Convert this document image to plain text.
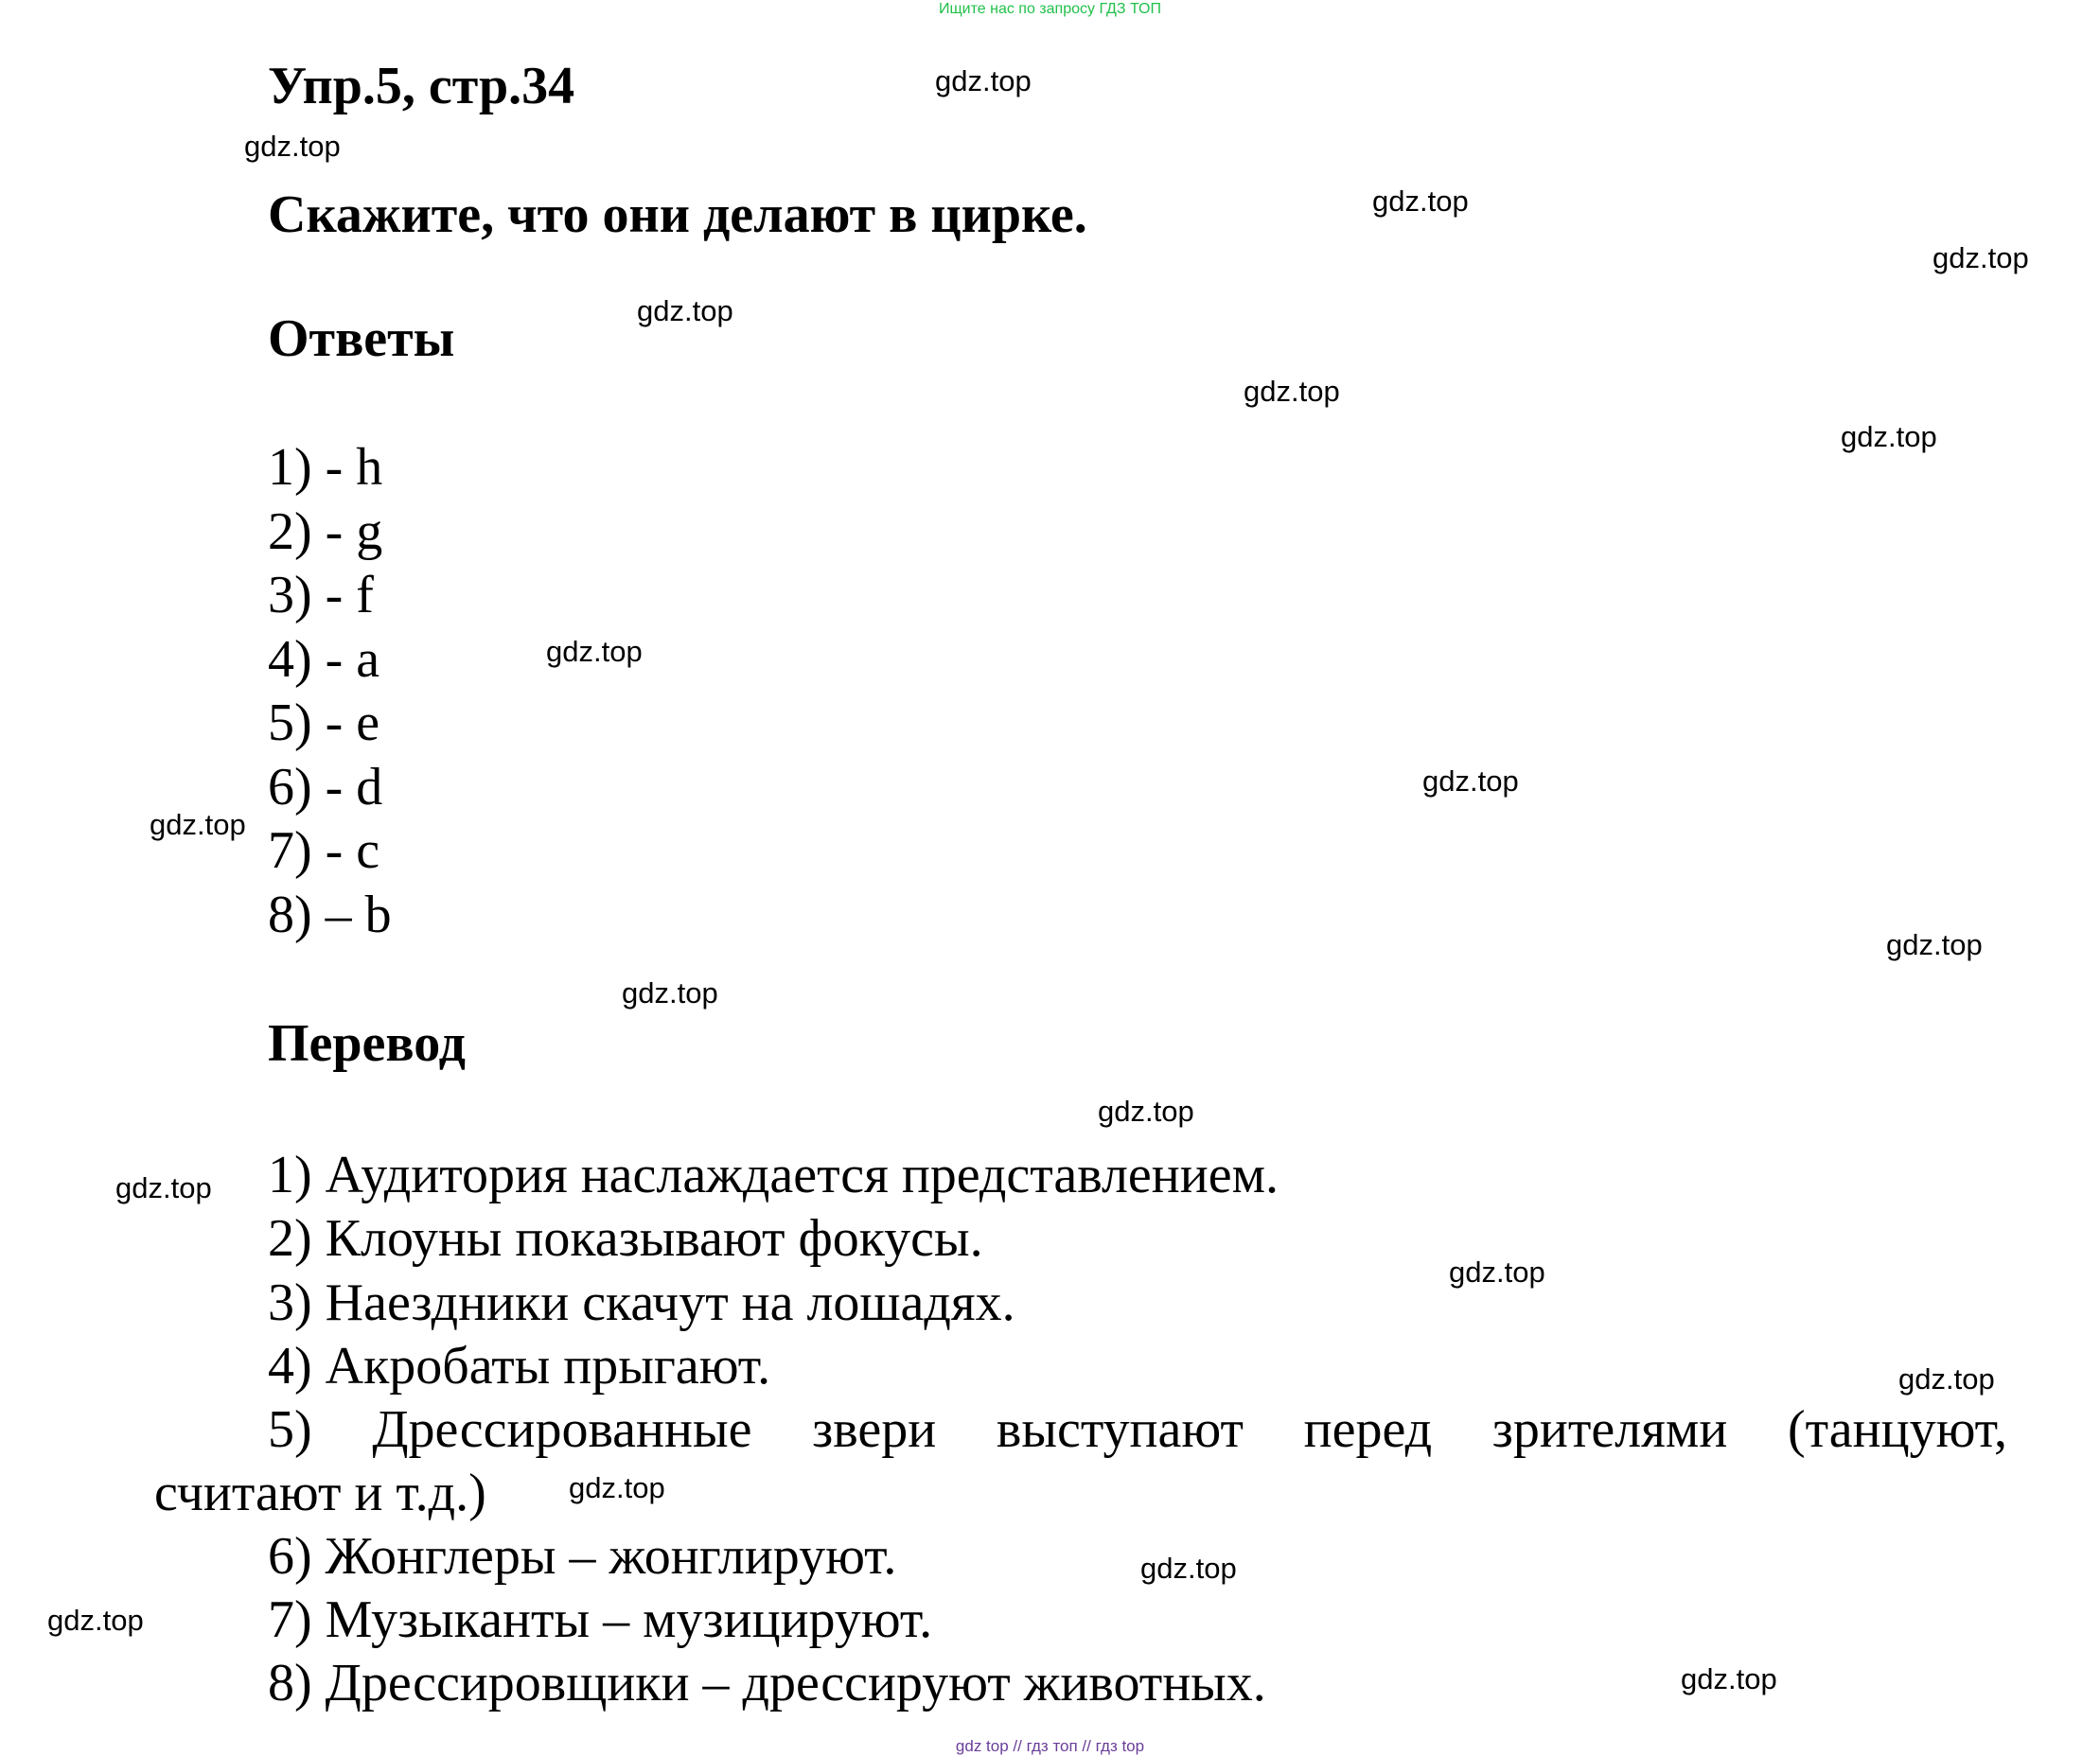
Ищите нас по запросу ГДЗ ТОП
Упр.5, стр.34
Скажите, что они делают в цирке.
Ответы
1) - h
2) - g
3) - f
4) - a
5) - e
6) - d
7) - c
8) – b
Перевод

1) Аудитория наслаждается представлением.

2) Клоуны показывают фокусы.

3) Наездники скачут на лошадях.

4) Акробаты прыгают.

5) Дрессированные звери выступают перед зрителями (танцуют,

считают и т.д.)

6) Жонглеры – жонглируют.

7) Музыканты – музицируют.

8) Дрессировщики – дрессируют животных.

gdz.top
gdz.top
gdz.top
gdz.top
gdz.top
gdz.top
gdz.top
gdz.top
gdz.top
gdz.top
gdz.top
gdz.top
gdz.top
gdz.top
gdz.top
gdz.top
gdz.top
gdz.top
gdz.top
gdz.top
gdz top // гдз топ // гдз top
